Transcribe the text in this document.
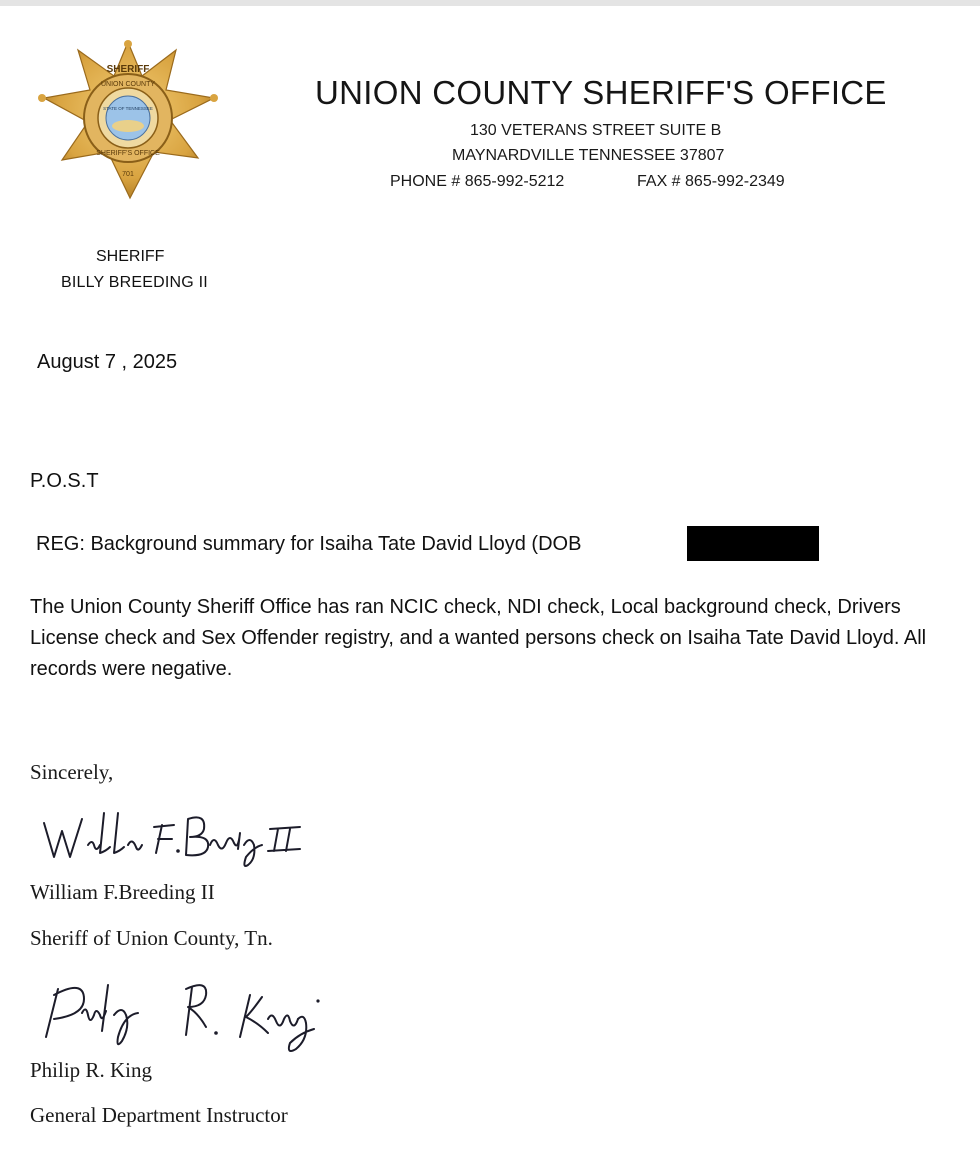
SHERIFF
UNION COUNTY
SHERIFF'S OFFICE
STATE OF TENNESSEE
701
UNION COUNTY SHERIFF'S OFFICE
130 VETERANS STREET SUITE B
MAYNARDVILLE TENNESSEE 37807
PHONE # 865-992-5212	FAX # 865-992-2349
SHERIFF
BILLY BREEDING II
August 7 , 2025
P.O.S.T
REG: Background summary for Isaiha Tate David Lloyd (DOB
The Union County Sheriff Office has ran NCIC check, NDI check, Local background check, Drivers License check and Sex Offender registry, and a wanted persons check on Isaiha Tate David Lloyd. All records were negative.
Sincerely,
William F.Breeding II
Sheriff of Union County, Tn.
Philip R. King
General Department Instructor
